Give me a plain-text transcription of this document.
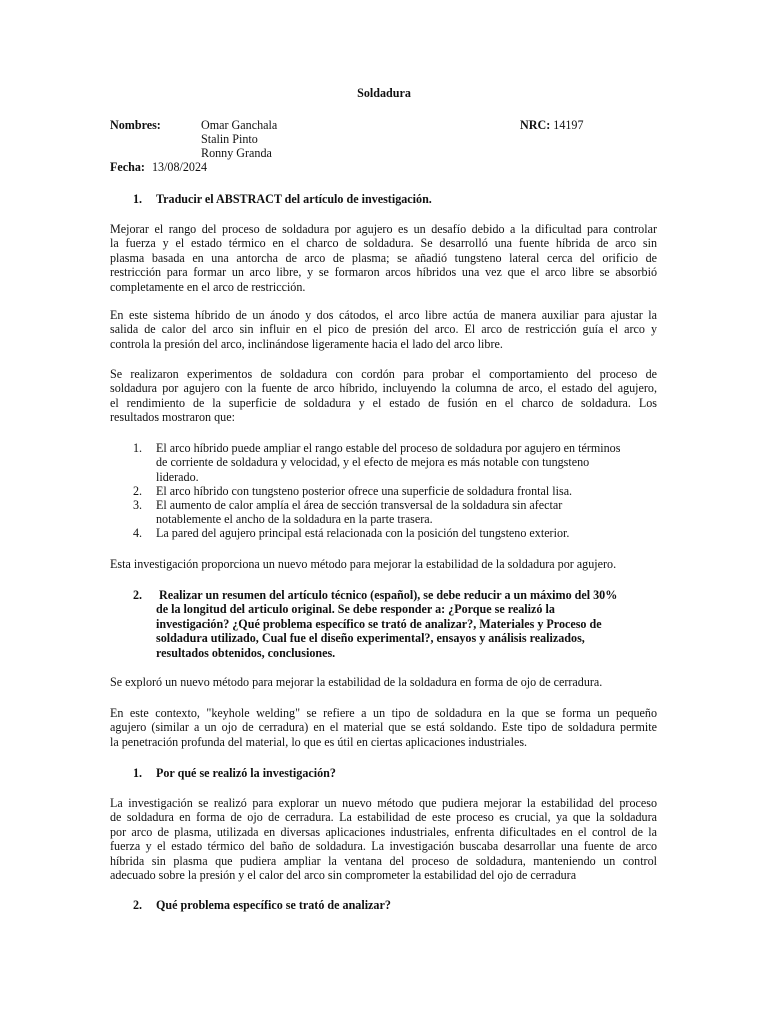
Soldadura
Nombres:	Omar Ganchala
Stalin Pinto
Ronny Granda
NRC: 14197
Fecha: 13/08/2024
1. Traducir el ABSTRACT del artículo de investigación.
Mejorar el rango del proceso de soldadura por agujero es un desafío debido a la dificultad para controlar
la fuerza y el estado térmico en el charco de soldadura. Se desarrolló una fuente híbrida de arco sin
plasma basada en una antorcha de arco de plasma; se añadió tungsteno lateral cerca del orificio de
restricción para formar un arco libre, y se formaron arcos híbridos una vez que el arco libre se absorbió
completamente en el arco de restricción.
En este sistema híbrido de un ánodo y dos cátodos, el arco libre actúa de manera auxiliar para ajustar la
salida de calor del arco sin influir en el pico de presión del arco. El arco de restricción guía el arco y
controla la presión del arco, inclinándose ligeramente hacia el lado del arco libre.
Se realizaron experimentos de soldadura con cordón para probar el comportamiento del proceso de
soldadura por agujero con la fuente de arco híbrido, incluyendo la columna de arco, el estado del agujero,
el rendimiento de la superficie de soldadura y el estado de fusión en el charco de soldadura. Los
resultados mostraron que:
1. El arco híbrido puede ampliar el rango estable del proceso de soldadura por agujero en términos
de corriente de soldadura y velocidad, y el efecto de mejora es más notable con tungsteno
liderado.
2. El arco híbrido con tungsteno posterior ofrece una superficie de soldadura frontal lisa.
3. El aumento de calor amplía el área de sección transversal de la soldadura sin afectar
notablemente el ancho de la soldadura en la parte trasera.
4. La pared del agujero principal está relacionada con la posición del tungsteno exterior.
Esta investigación proporciona un nuevo método para mejorar la estabilidad de la soldadura por agujero.
2. Realizar un resumen del artículo técnico (español), se debe reducir a un máximo del 30%
de la longitud del articulo original. Se debe responder a: ¿Porque se realizó la
investigación? ¿Qué problema específico se trató de analizar?, Materiales y Proceso de
soldadura utilizado, Cual fue el diseño experimental?, ensayos y análisis realizados,
resultados obtenidos, conclusiones.
Se exploró un nuevo método para mejorar la estabilidad de la soldadura en forma de ojo de cerradura.
En este contexto, "keyhole welding" se refiere a un tipo de soldadura en la que se forma un pequeño
agujero (similar a un ojo de cerradura) en el material que se está soldando. Este tipo de soldadura permite
la penetración profunda del material, lo que es útil en ciertas aplicaciones industriales.
1. Por qué se realizó la investigación?
La investigación se realizó para explorar un nuevo método que pudiera mejorar la estabilidad del proceso
de soldadura en forma de ojo de cerradura. La estabilidad de este proceso es crucial, ya que la soldadura
por arco de plasma, utilizada en diversas aplicaciones industriales, enfrenta dificultades en el control de la
fuerza y el estado térmico del baño de soldadura. La investigación buscaba desarrollar una fuente de arco
híbrida sin plasma que pudiera ampliar la ventana del proceso de soldadura, manteniendo un control
adecuado sobre la presión y el calor del arco sin comprometer la estabilidad del ojo de cerradura
2. Qué problema específico se trató de analizar?
